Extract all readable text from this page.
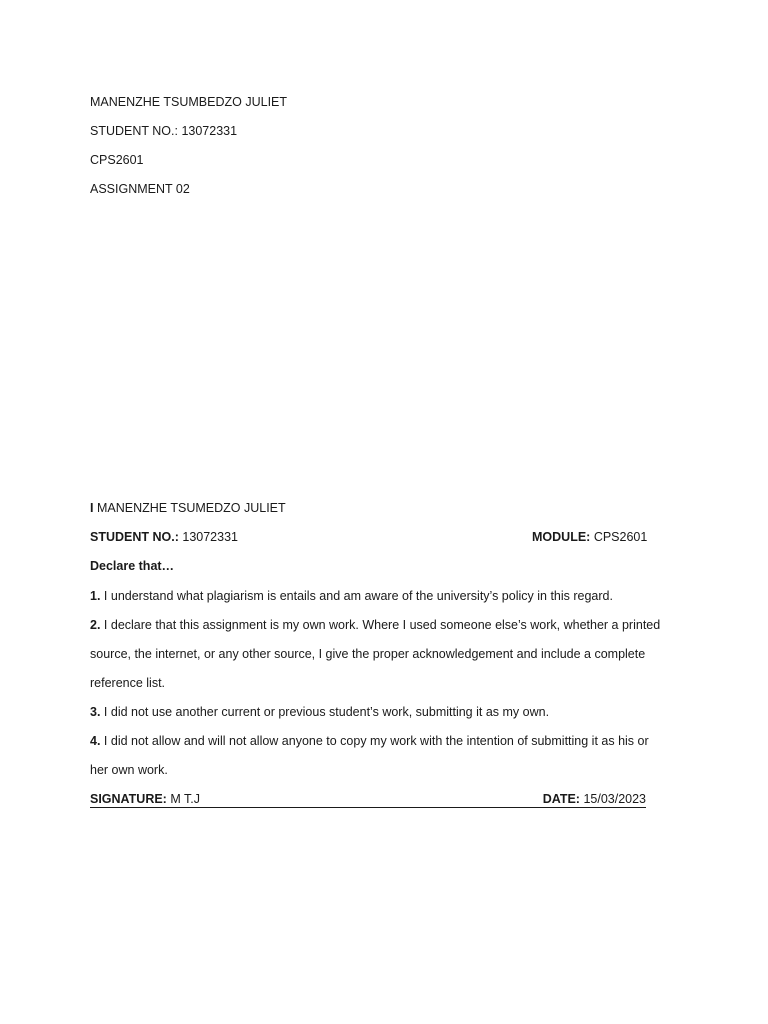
MANENZHE TSUMBEDZO JULIET
STUDENT NO.: 13072331
CPS2601
ASSIGNMENT 02
I MANENZHE TSUMEDZO JULIET
STUDENT NO.: 13072331	MODULE: CPS2601
Declare that…
1. I understand what plagiarism is entails and am aware of the university’s policy in this regard.
2. I declare that this assignment is my own work. Where I used someone else’s work, whether a printed
source, the internet, or any other source, I give the proper acknowledgement and include a complete
reference list.
3. I did not use another current or previous student’s work, submitting it as my own.
4. I did not allow and will not allow anyone to copy my work with the intention of submitting it as his or
her own work.
SIGNATURE: M T.J	DATE: 15/03/2023
